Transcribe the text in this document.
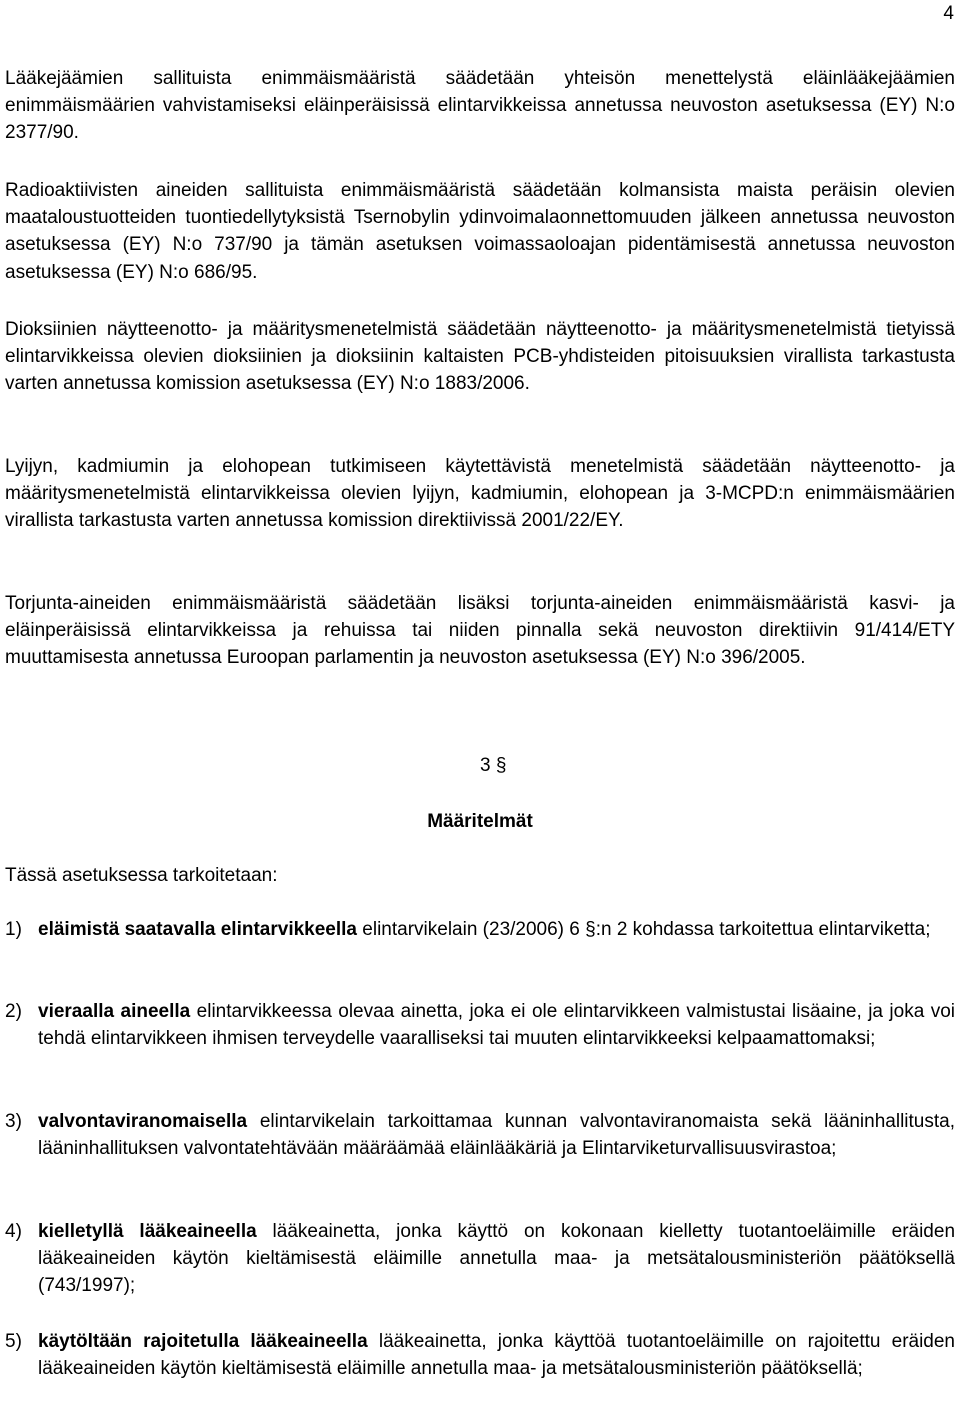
4

Lääkejäämien sallituista enimmäismääristä säädetään yhteisön menettelystä eläinlääkejäämien enimmäismäärien vahvistamiseksi eläinperäisissä elintarvikkeissa annetussa neuvoston asetuksessa (EY) N:o 2377/90.

Radioaktiivisten aineiden sallituista enimmäismääristä säädetään kolmansista maista peräisin olevien maataloustuotteiden tuontiedellytyksistä Tsernobylin ydinvoimalaonnettomuuden jälkeen annetussa neuvoston asetuksessa (EY) N:o 737/90 ja tämän asetuksen voimassaoloajan pidentämisestä annetussa neuvoston asetuksessa (EY) N:o 686/95.

Dioksiinien näytteenotto- ja määritysmenetelmistä säädetään näytteenotto- ja määritysmenetelmistä tietyissä elintarvikkeissa olevien dioksiinien ja dioksiinin kaltaisten PCB-yhdisteiden pitoisuuksien virallista tarkastusta varten annetussa komission asetuksessa (EY) N:o 1883/2006.

Lyijyn, kadmiumin ja elohopean tutkimiseen käytettävistä menetelmistä säädetään näytteenotto- ja määritysmenetelmistä elintarvikkeissa olevien lyijyn, kadmiumin, elohopean ja 3-MCPD:n enimmäismäärien virallista tarkastusta varten annetussa komission direktiivissä 2001/22/EY.

Torjunta-aineiden enimmäismääristä säädetään lisäksi torjunta-aineiden enimmäismääristä kasvi- ja eläinperäisissä elintarvikkeissa ja rehuissa tai niiden pinnalla sekä neuvoston direktiivin 91/414/ETY muuttamisesta annetussa Euroopan parlamentin ja neuvoston asetuksessa (EY) N:o 396/2005.

3 §
Määritelmät
Tässä asetuksessa tarkoitetaan:
1) eläimistä saatavalla elintarvikkeella elintarvikelain (23/2006) 6 §:n 2 kohdassa tarkoitettua elintarviketta;
2) vieraalla aineella elintarvikkeessa olevaa ainetta, joka ei ole elintarvikkeen valmistustai lisäaine, ja joka voi tehdä elintarvikkeen ihmisen terveydelle vaaralliseksi tai muuten elintarvikkeeksi kelpaamattomaksi;
3) valvontaviranomaisella elintarvikelain tarkoittamaa kunnan valvontaviranomaista sekä lääninhallitusta, lääninhallituksen valvontatehtävään määräämää eläinlääkäriä ja Elintarviketurvallisuusvirastoa;
4) kielletyllä lääkeaineella lääkeainetta, jonka käyttö on kokonaan kielletty tuotantoeläimille eräiden lääkeaineiden käytön kieltämisestä eläimille annetulla maa- ja metsätalousministeriön päätöksellä (743/1997);
5) käytöltään rajoitetulla lääkeaineella lääkeainetta, jonka käyttöä tuotantoeläimille on rajoitettu eräiden lääkeaineiden käytön kieltämisestä eläimille annetulla maa- ja metsätalousministeriön päätöksellä;
